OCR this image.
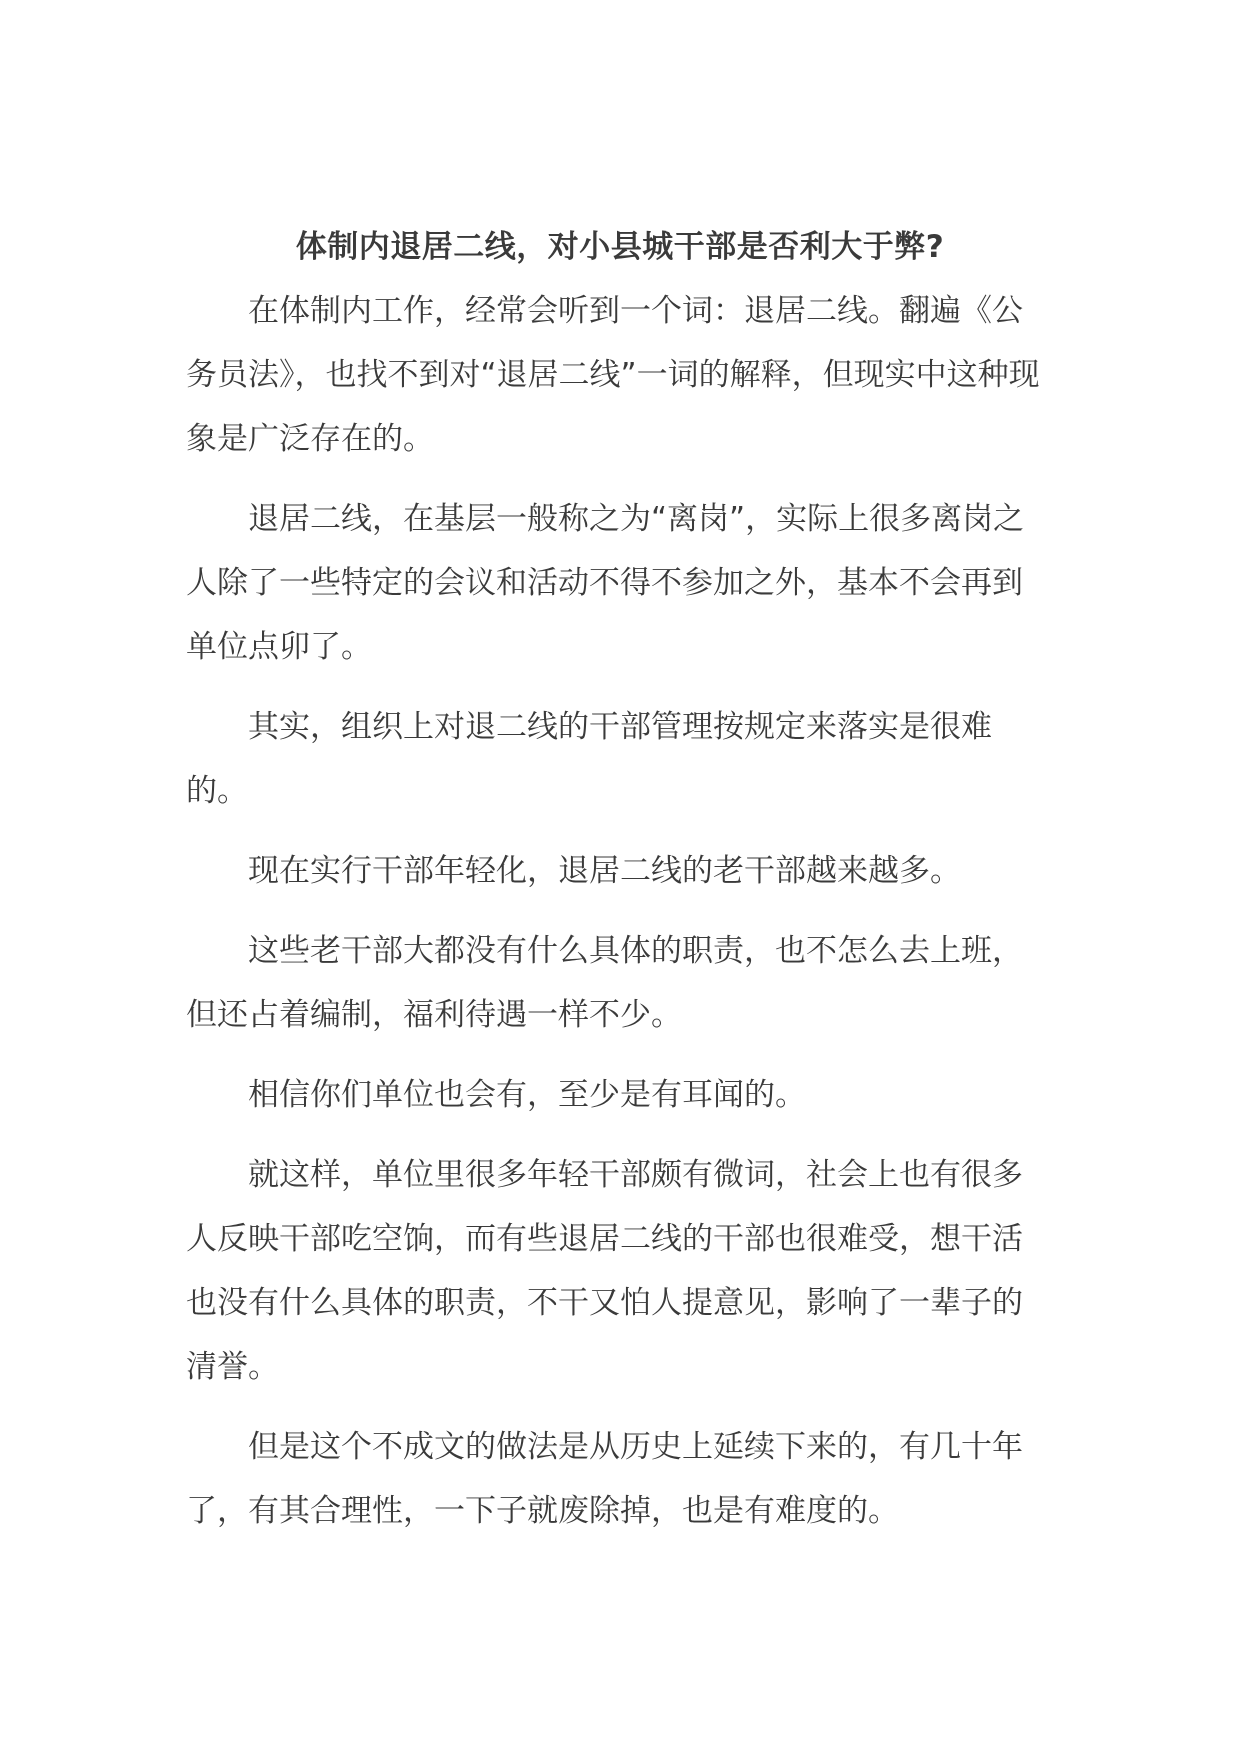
体制内退居二线，对小县城干部是否利大于弊?

在体制内工作，经常会听到一个词：退居二线。翻遍《公务员法》，也找不到对“退居二线”一词的解释，但现实中这种现象是广泛存在的。

退居二线，在基层一般称之为“离岗”，实际上很多离岗之人除了一些特定的会议和活动不得不参加之外，基本不会再到单位点卯了。

其实，组织上对退二线的干部管理按规定来落实是很难的。

现在实行干部年轻化，退居二线的老干部越来越多。

这些老干部大都没有什么具体的职责，也不怎么去上班，但还占着编制，福利待遇一样不少。

相信你们单位也会有，至少是有耳闻的。

就这样，单位里很多年轻干部颇有微词，社会上也有很多人反映干部吃空饷，而有些退居二线的干部也很难受，想干活也没有什么具体的职责，不干又怕人提意见，影响了一辈子的清誉。

但是这个不成文的做法是从历史上延续下来的，有几十年了，有其合理性，一下子就废除掉，也是有难度的。
